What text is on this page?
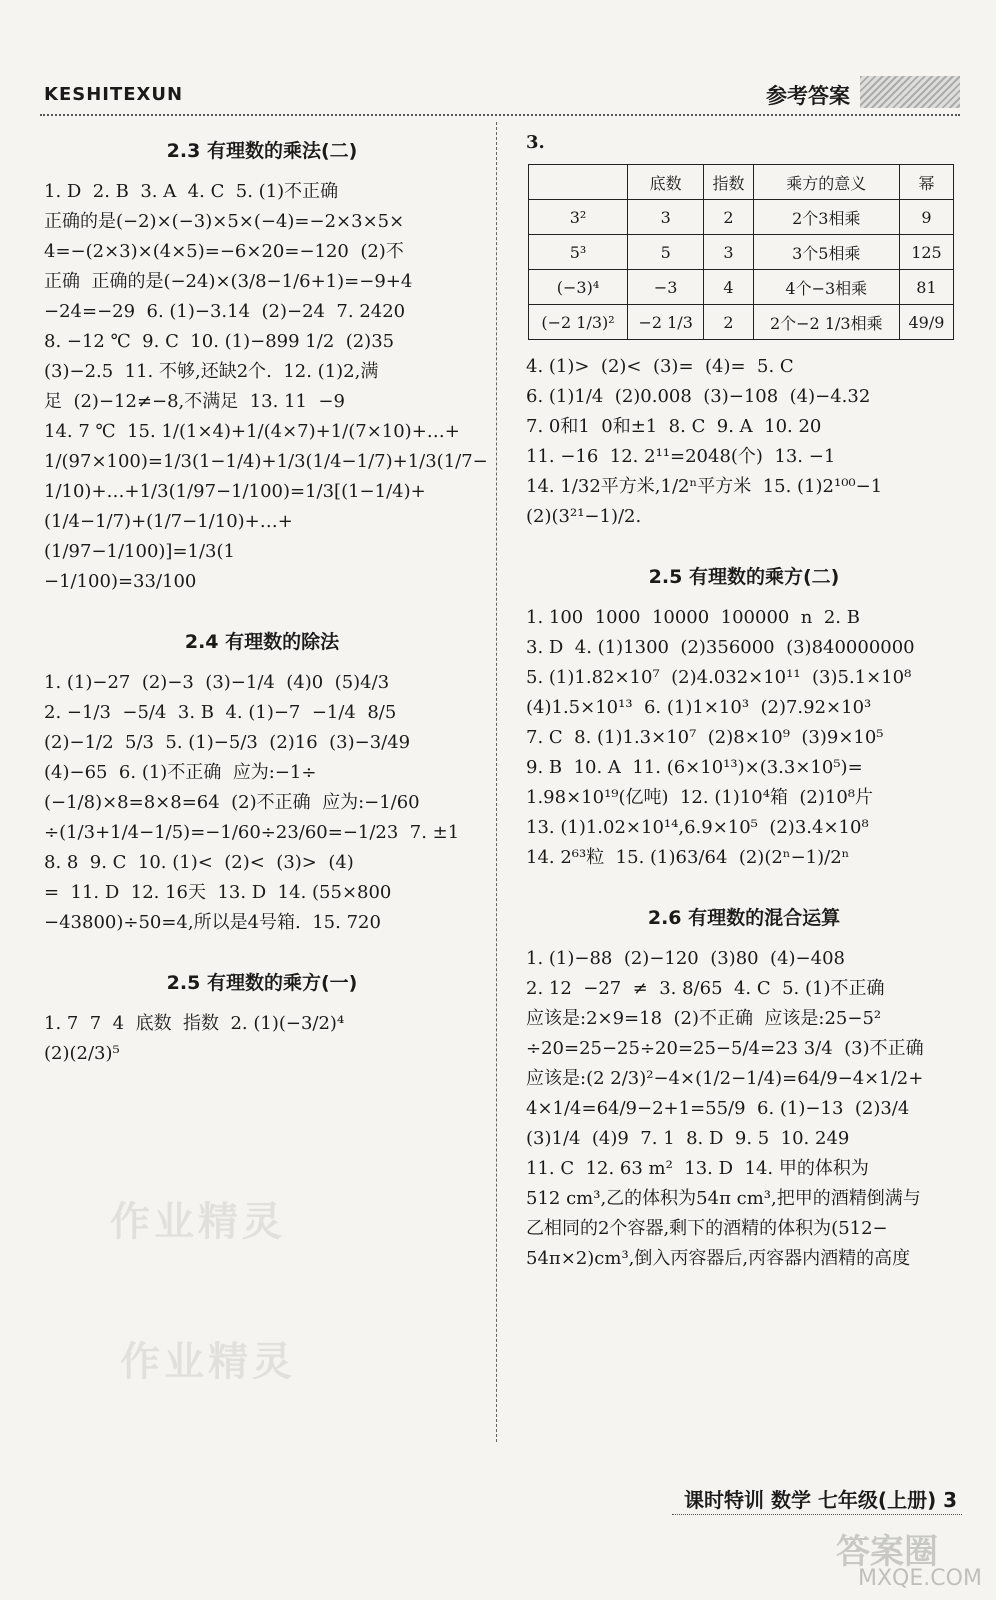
KESHITEXUN	参考答案
2.3 有理数的乘法(二)

1. D  2. B  3. A  4. C  5. (1)不正确

正确的是(−2)×(−3)×5×(−4)=−2×3×5×

4=−(2×3)×(4×5)=−6×20=−120  (2)不

正确  正确的是(−24)×(3/8−1/6+1)=−9+4

−24=−29  6. (1)−3.14  (2)−24  7. 2420

8. −12 ℃  9. C  10. (1)−899 1/2  (2)35

(3)−2.5  11. 不够,还缺2个.  12. (1)2,满

足  (2)−12≠−8,不满足  13. 11  −9

14. 7 ℃  15. 1/(1×4)+1/(4×7)+1/(7×10)+…+

1/(97×100)=1/3(1−1/4)+1/3(1/4−1/7)+1/3(1/7−

1/10)+…+1/3(1/97−1/100)=1/3[(1−1/4)+

(1/4−1/7)+(1/7−1/10)+…+(1/97−1/100)]=1/3(1

−1/100)=33/100

2.4 有理数的除法

1. (1)−27  (2)−3  (3)−1/4  (4)0  (5)4/3

2. −1/3  −5/4  3. B  4. (1)−7  −1/4  8/5

(2)−1/2  5/3  5. (1)−5/3  (2)16  (3)−3/49

(4)−65  6. (1)不正确  应为:−1÷

(−1/8)×8=8×8=64  (2)不正确  应为:−1/60

÷(1/3+1/4−1/5)=−1/60÷23/60=−1/23  7. ±1

8. 8  9. C  10. (1)<  (2)<  (3)>  (4)

=  11. D  12. 16天  13. D  14. (55×800

−43800)÷50=4,所以是4号箱.  15. 720

2.5 有理数的乘方(一)

1. 7  7  4  底数  指数  2. (1)(−3/2)⁴

(2)(2/3)⁵

3.

	底数	指数	乘方的意义	幂
3²	3	2	2个3相乘	9
5³	5	3	3个5相乘	125
(−3)⁴	−3	4	4个−3相乘	81
(−2 1/3)²	−2 1/3	2	2个−2 1/3相乘	49/9

4. (1)>  (2)<  (3)=  (4)=  5. C

6. (1)1/4  (2)0.008  (3)−108  (4)−4.32

7. 0和1  0和±1  8. C  9. A  10. 20

11. −16  12. 2¹¹=2048(个)  13. −1

14. 1/32平方米,1/2ⁿ平方米  15. (1)2¹⁰⁰−1

(2)(3²¹−1)/2.

2.5 有理数的乘方(二)

1. 100  1000  10000  100000  n  2. B

3. D  4. (1)1300  (2)356000  (3)840000000

5. (1)1.82×10⁷  (2)4.032×10¹¹  (3)5.1×10⁸

(4)1.5×10¹³  6. (1)1×10³  (2)7.92×10³

7. C  8. (1)1.3×10⁷  (2)8×10⁹  (3)9×10⁵

9. B  10. A  11. (6×10¹³)×(3.3×10⁵)=

1.98×10¹⁹(亿吨)  12. (1)10⁴箱  (2)10⁸片

13. (1)1.02×10¹⁴,6.9×10⁵  (2)3.4×10⁸

14. 2⁶³粒  15. (1)63/64  (2)(2ⁿ−1)/2ⁿ

2.6 有理数的混合运算

1. (1)−88  (2)−120  (3)80  (4)−408

2. 12  −27  ≠  3. 8/65  4. C  5. (1)不正确

应该是:2×9=18  (2)不正确  应该是:25−5²

÷20=25−25÷20=25−5/4=23 3/4  (3)不正确

应该是:(2 2/3)²−4×(1/2−1/4)=64/9−4×1/2+

4×1/4=64/9−2+1=55/9  6. (1)−13  (2)3/4

(3)1/4  (4)9  7. 1  8. D  9. 5  10. 249

11. C  12. 63 m²  13. D  14. 甲的体积为

512 cm³,乙的体积为54π cm³,把甲的酒精倒满与

乙相同的2个容器,剩下的酒精的体积为(512−

54π×2)cm³,倒入丙容器后,丙容器内酒精的高度

作业精灵
作业精灵
课时特训 数学 七年级(上册) 3
答案圈
MXQE.COM
